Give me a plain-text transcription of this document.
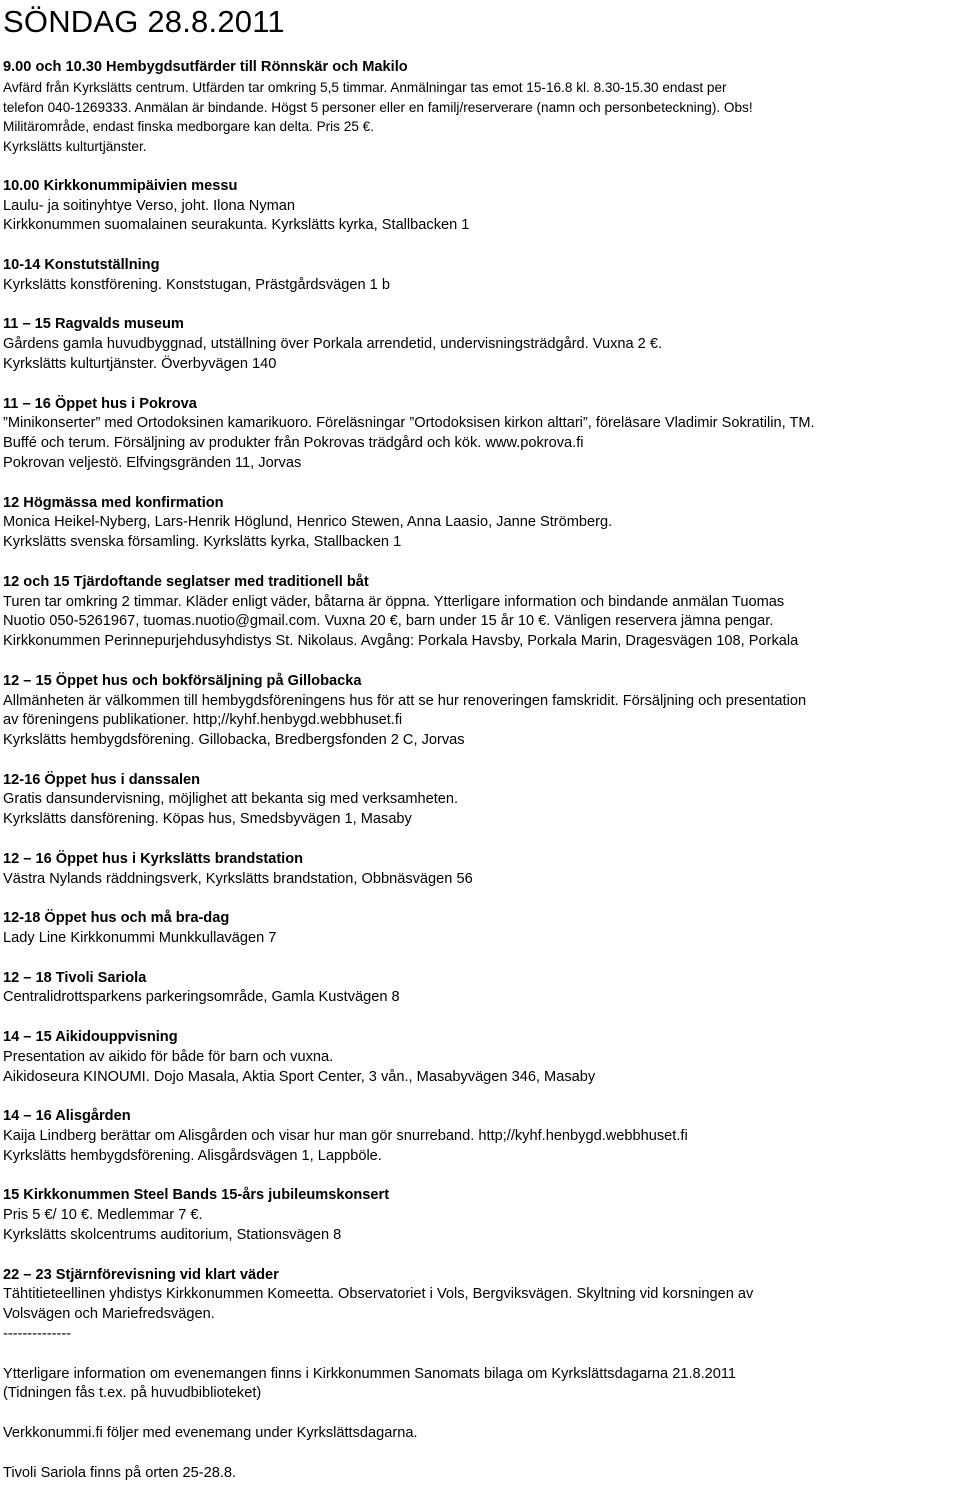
SÖNDAG 28.8.2011
9.00 och 10.30 Hembygdsutfärder till Rönnskär och Makilo
Avfärd från Kyrkslätts centrum. Utfärden tar omkring 5,5 timmar. Anmälningar tas emot 15-16.8 kl. 8.30-15.30 endast per
telefon 040-1269333. Anmälan är bindande. Högst 5 personer eller en familj/reserverare (namn och personbeteckning). Obs!
Militärområde, endast finska medborgare kan delta. Pris 25 €.
Kyrkslätts kulturtjänster.
10.00 Kirkkonummipäivien messu
Laulu- ja soitinyhtye Verso, joht. Ilona Nyman
Kirkkonummen suomalainen seurakunta. Kyrkslätts kyrka, Stallbacken 1
10-14 Konstutställning
Kyrkslätts konstförening. Konststugan, Prästgårdsvägen 1 b
11 – 15 Ragvalds museum
Gårdens gamla huvudbyggnad, utställning över Porkala arrendetid, undervisningsträdgård. Vuxna 2 €.
Kyrkslätts kulturtjänster. Överbyvägen 140
11 – 16 Öppet hus i Pokrova
”Minikonserter” med Ortodoksinen kamarikuoro. Föreläsningar ”Ortodoksisen kirkon alttari”, föreläsare Vladimir Sokratilin, TM.
Buffé och terum. Försäljning av produkter från Pokrovas trädgård och kök. www.pokrova.fi
Pokrovan veljestö. Elfvingsgränden 11, Jorvas
12 Högmässa med konfirmation
Monica Heikel-Nyberg, Lars-Henrik Höglund, Henrico Stewen, Anna Laasio, Janne Strömberg.
Kyrkslätts svenska församling. Kyrkslätts kyrka, Stallbacken 1
12 och 15 Tjärdoftande seglatser med traditionell båt
Turen tar omkring 2 timmar. Kläder enligt väder, båtarna är öppna. Ytterligare information och bindande anmälan Tuomas
Nuotio 050-5261967, tuomas.nuotio@gmail.com. Vuxna 20 €, barn under 15 år 10 €. Vänligen reservera jämna pengar.
Kirkkonummen Perinnepurjehdusyhdistys St. Nikolaus. Avgång: Porkala Havsby, Porkala Marin, Dragesvägen 108, Porkala
12 – 15 Öppet hus och bokförsäljning på Gillobacka
Allmänheten är välkommen till hembygdsföreningens hus för att se hur renoveringen famskridit. Försäljning och presentation
av föreningens publikationer. http;//kyhf.henbygd.webbhuset.fi
Kyrkslätts hembygdsförening. Gillobacka, Bredbergsfonden 2 C, Jorvas
12-16 Öppet hus i danssalen
Gratis dansundervisning, möjlighet att bekanta sig med verksamheten.
Kyrkslätts dansförening. Köpas hus, Smedsbyvägen 1, Masaby
12 – 16 Öppet hus i Kyrkslätts brandstation
Västra Nylands räddningsverk, Kyrkslätts brandstation, Obbnäsvägen 56
12-18 Öppet hus och må bra-dag
Lady Line Kirkkonummi Munkkullavägen 7
12 – 18 Tivoli Sariola
Centralidrottsparkens parkeringsområde, Gamla Kustvägen 8
14 – 15 Aikidouppvisning
Presentation av aikido för både för barn och vuxna.
Aikidoseura KINOUMI. Dojo Masala, Aktia Sport Center, 3 vån., Masabyvägen 346, Masaby
14 – 16 Alisgården
Kaija Lindberg berättar om Alisgården och visar hur man gör snurreband. http;//kyhf.henbygd.webbhuset.fi
Kyrkslätts hembygdsförening. Alisgårdsvägen 1, Lappböle.
15 Kirkkonummen Steel Bands 15-års jubileumskonsert
Pris 5 €/ 10 €. Medlemmar 7 €.
Kyrkslätts skolcentrums auditorium, Stationsvägen 8
22 – 23 Stjärnförevisning vid klart väder
Tähtitieteellinen yhdistys Kirkkonummen Komeetta. Observatoriet i Vols, Bergviksvägen. Skyltning vid korsningen av
Volsvägen och Mariefredsvägen.
--------------
Ytterligare information om evenemangen finns i Kirkkonummen Sanomats bilaga om Kyrkslättsdagarna 21.8.2011
(Tidningen fås t.ex. på huvudbiblioteket)
Verkkonummi.fi följer med evenemang under Kyrkslättsdagarna.
Tivoli Sariola finns på orten 25-28.8.
